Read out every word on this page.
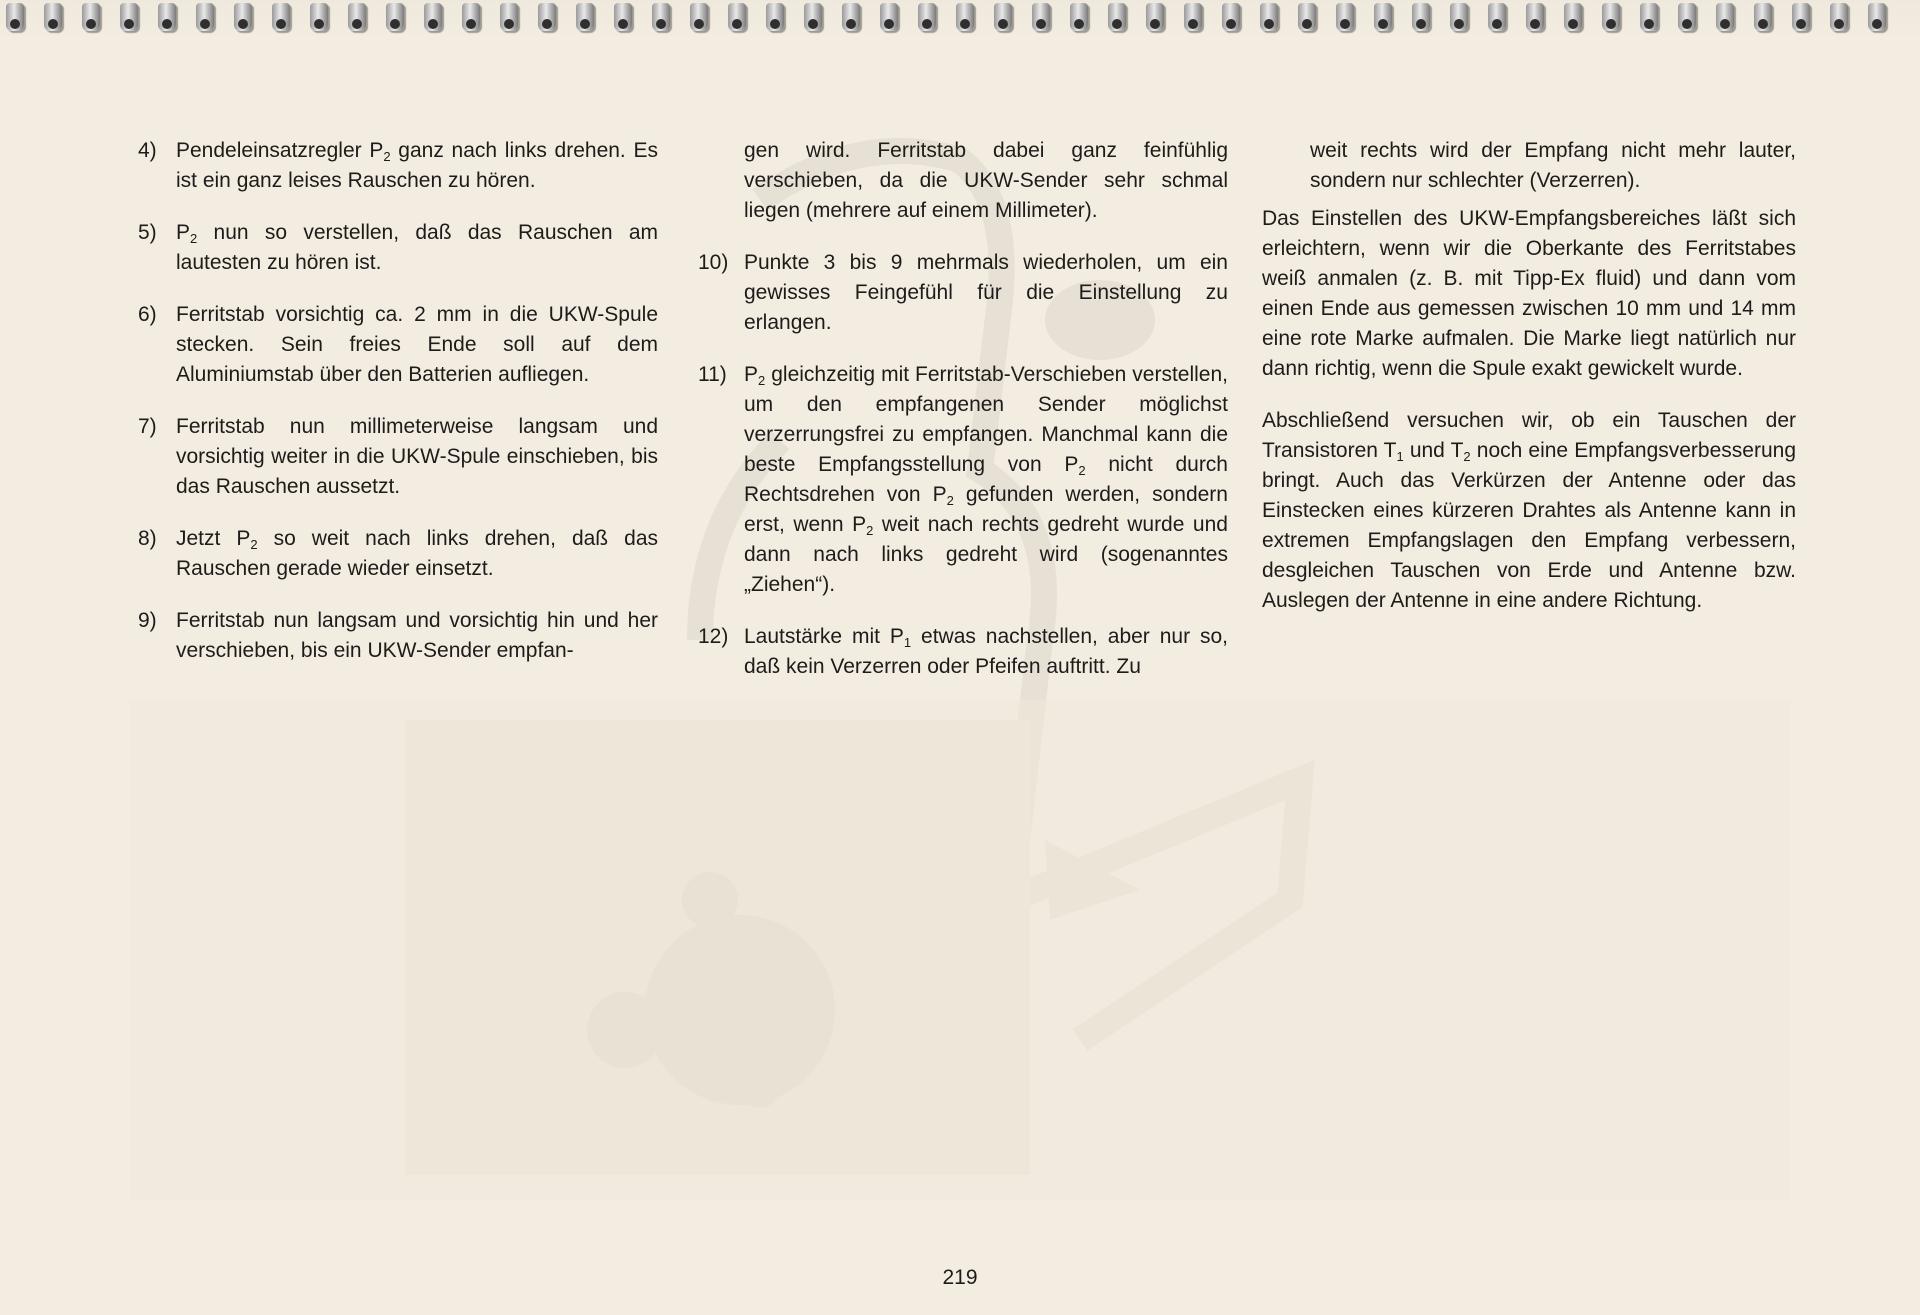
4) Pendeleinsatzregler $P_2$ ganz nach links drehen. Es ist ein ganz leises Rauschen zu hören.
5) $P_2$ nun so verstellen, daß das Rauschen am lautesten zu hören ist.
6) Ferritstab vorsichtig ca. 2 mm in die UKW-Spule stecken. Sein freies Ende soll auf dem Aluminiumstab über den Batterien aufliegen.
7) Ferritstab nun millimeterweise langsam und vorsichtig weiter in die UKW-Spule einschieben, bis das Rauschen aussetzt.
8) Jetzt $P_2$ so weit nach links drehen, daß das Rauschen gerade wieder einsetzt.
9) Ferritstab nun langsam und vorsichtig hin und her verschieben, bis ein UKW-Sender empfan-

gen wird. Ferritstab dabei ganz feinfühlig verschieben, da die UKW-Sender sehr schmal liegen (mehrere auf einem Millimeter).

10) Punkte 3 bis 9 mehrmals wiederholen, um ein gewisses Feingefühl für die Einstellung zu erlangen.
11) $P_2$ gleichzeitig mit Ferritstab-Verschieben verstellen, um den empfangenen Sender möglichst verzerrungsfrei zu empfangen. Manchmal kann die beste Empfangsstellung von $P_2$ nicht durch Rechtsdrehen von $P_2$ gefunden werden, sondern erst, wenn $P_2$ weit nach rechts gedreht wurde und dann nach links gedreht wird (sogenanntes „Ziehen“).
12) Lautstärke mit $P_1$ etwas nachstellen, aber nur so, daß kein Verzerren oder Pfeifen auftritt. Zu

weit rechts wird der Empfang nicht mehr lauter, sondern nur schlechter (Verzerren).

Das Einstellen des UKW-Empfangsbereiches läßt sich erleichtern, wenn wir die Oberkante des Ferritstabes weiß anmalen (z. B. mit Tipp-Ex fluid) und dann vom einen Ende aus gemessen zwischen 10 mm und 14 mm eine rote Marke aufmalen. Die Marke liegt natürlich nur dann richtig, wenn die Spule exakt gewickelt wurde.

Abschließend versuchen wir, ob ein Tauschen der Transistoren $T_1$ und $T_2$ noch eine Empfangsverbesserung bringt. Auch das Verkürzen der Antenne oder das Einstecken eines kürzeren Drahtes als Antenne kann in extremen Empfangslagen den Empfang verbessern, desgleichen Tauschen von Erde und Antenne bzw. Auslegen der Antenne in eine andere Richtung.

219
